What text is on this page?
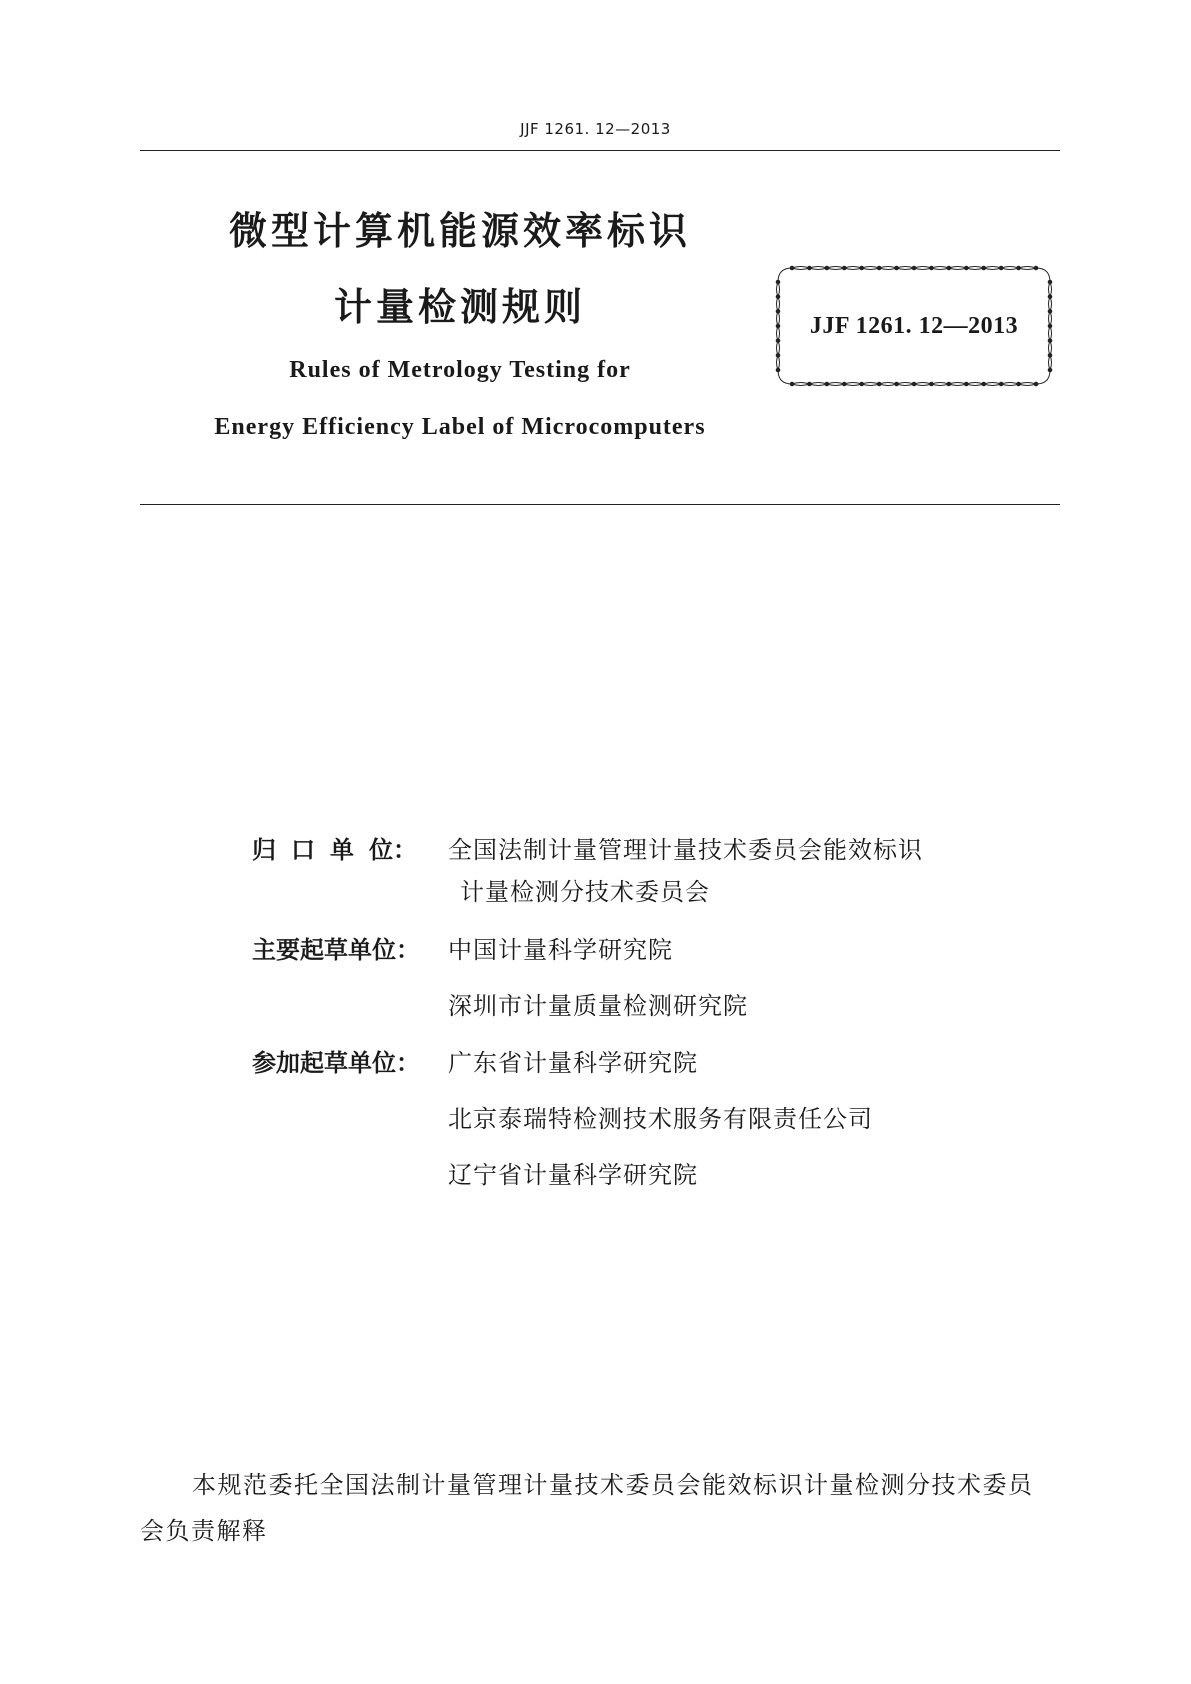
JJF 1261. 12—2013
微型计算机能源效率标识
计量检测规则
Rules of Metrology Testing for
Energy Efficiency Label of Microcomputers
JJF 1261. 12—2013
归口单位：	全国法制计量管理计量技术委员会能效标识
计量检测分技术委员会
主要起草单位：	中国计量科学研究院
深圳市计量质量检测研究院
参加起草单位：	广东省计量科学研究院
北京泰瑞特检测技术服务有限责任公司
辽宁省计量科学研究院
本规范委托全国法制计量管理计量技术委员会能效标识计量检测分技术委员会负责解释
